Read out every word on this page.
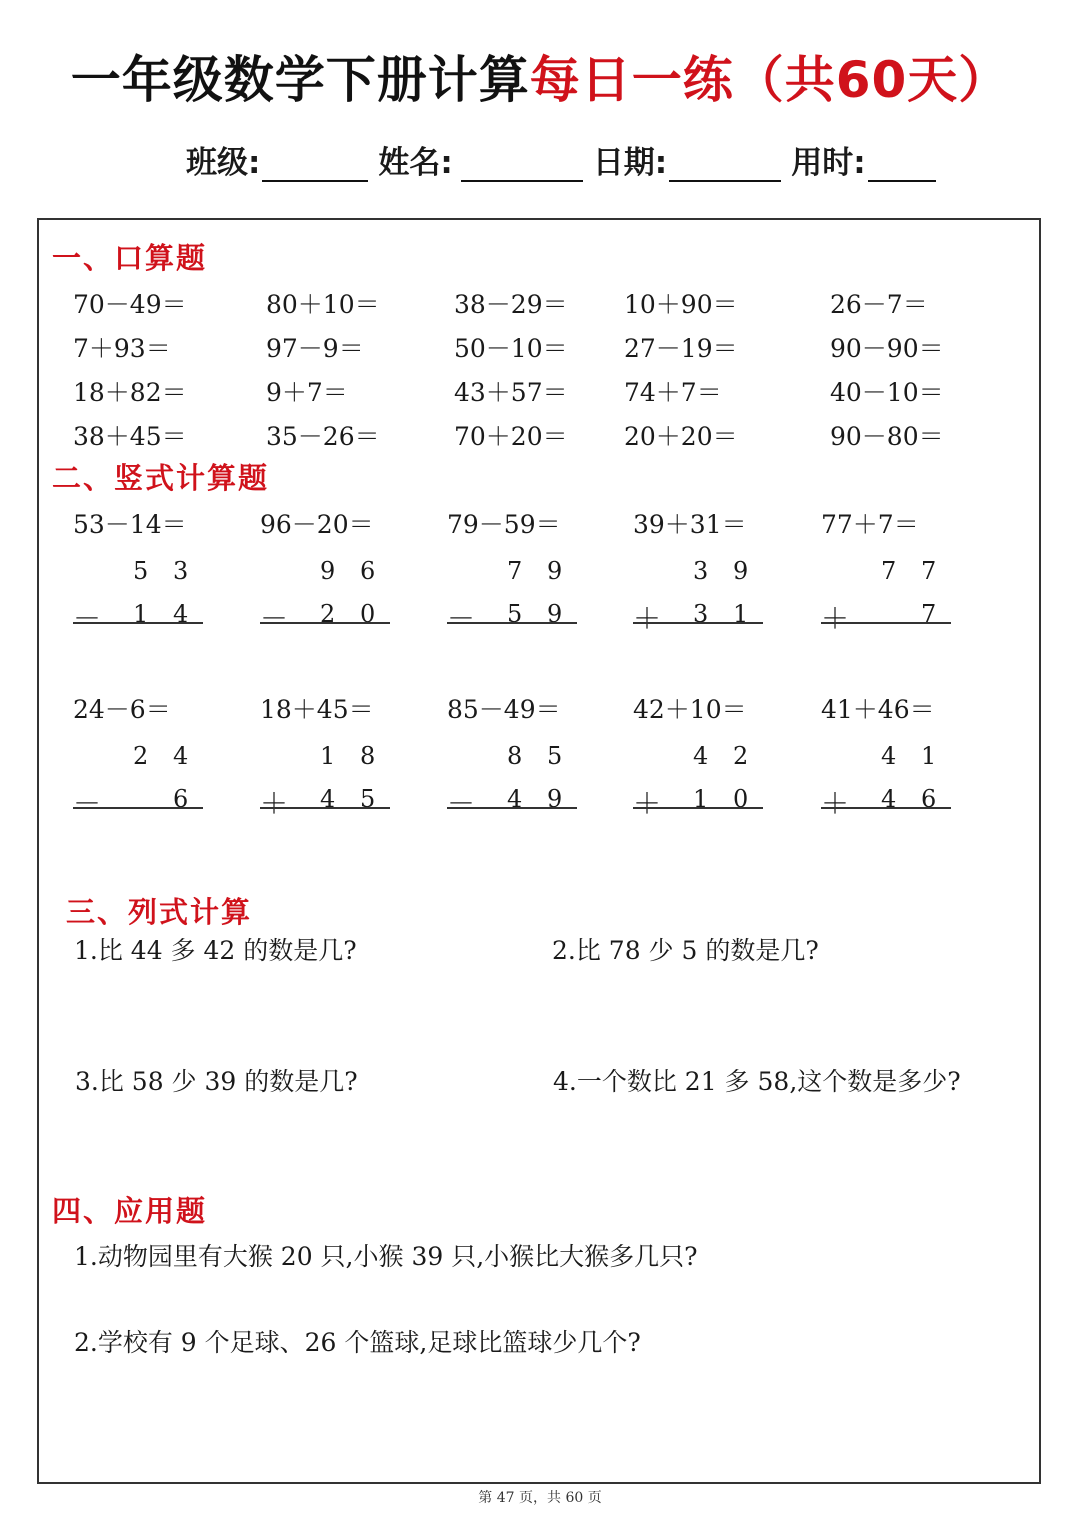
一年级数学下册计算每日一练（共60天）
班级:	姓名:	日期:	用时:
一、口算题
70－49＝	80＋10＝	38－29＝ 10＋90＝	26－7＝
7＋93＝	97－9＝	50－10＝ 27－19＝	90－90＝
18＋82＝	9＋7＝	43＋57＝ 74＋7＝	40－10＝
38＋45＝	35－26＝	70＋20＝ 20＋20＝	90－80＝
二、竖式计算题
53－14＝
5 3
－ 1 4
96－20＝
9 6
－ 2 0
79－59＝
7 9
－ 5 9
39＋31＝
3 9
＋ 3 1
77＋7＝
7 7
＋	7
24－6＝
2 4
－	6
18＋45＝
1 8
＋ 4 5
85－49＝
8 5
－ 4 9
42＋10＝
4 2
＋ 1 0
41＋46＝
4 1
＋ 4 6
三、列式计算
1.比 44 多 42 的数是几?	2.比 78 少 5 的数是几?
3.比 58 少 39 的数是几?	4.一个数比 21 多 58,这个数是多少?
四、应用题
1.动物园里有大猴 20 只,小猴 39 只,小猴比大猴多几只?
2.学校有 9 个足球、26 个篮球,足球比篮球少几个?
第 47 页，共 60 页
